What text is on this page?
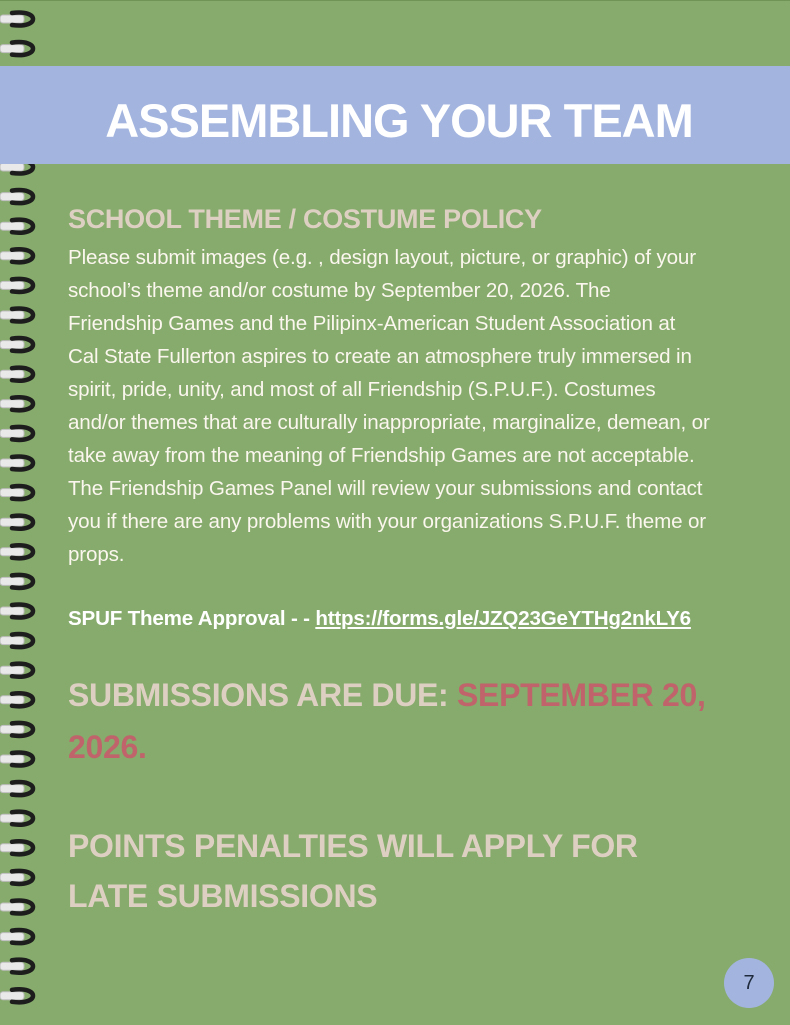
ASSEMBLING YOUR TEAM
SCHOOL THEME / COSTUME POLICY
Please submit images (e.g. , design layout, picture, or graphic) of your
school’s theme and/or costume by September 20, 2026. The
Friendship Games and the Pilipinx-American Student Association at
Cal State Fullerton aspires to create an atmosphere truly immersed in
spirit, pride, unity, and most of all Friendship (S.P.U.F.). Costumes
and/or themes that are culturally inappropriate, marginalize, demean, or
take away from the meaning of Friendship Games are not acceptable.
The Friendship Games Panel will review your submissions and contact
you if there are any problems with your organizations S.P.U.F. theme or
props.
SPUF Theme Approval - - https://forms.gle/JZQ23GeYTHg2nkLY6
SUBMISSIONS ARE DUE: SEPTEMBER 20,
2026.
POINTS PENALTIES WILL APPLY FOR
LATE SUBMISSIONS
7
